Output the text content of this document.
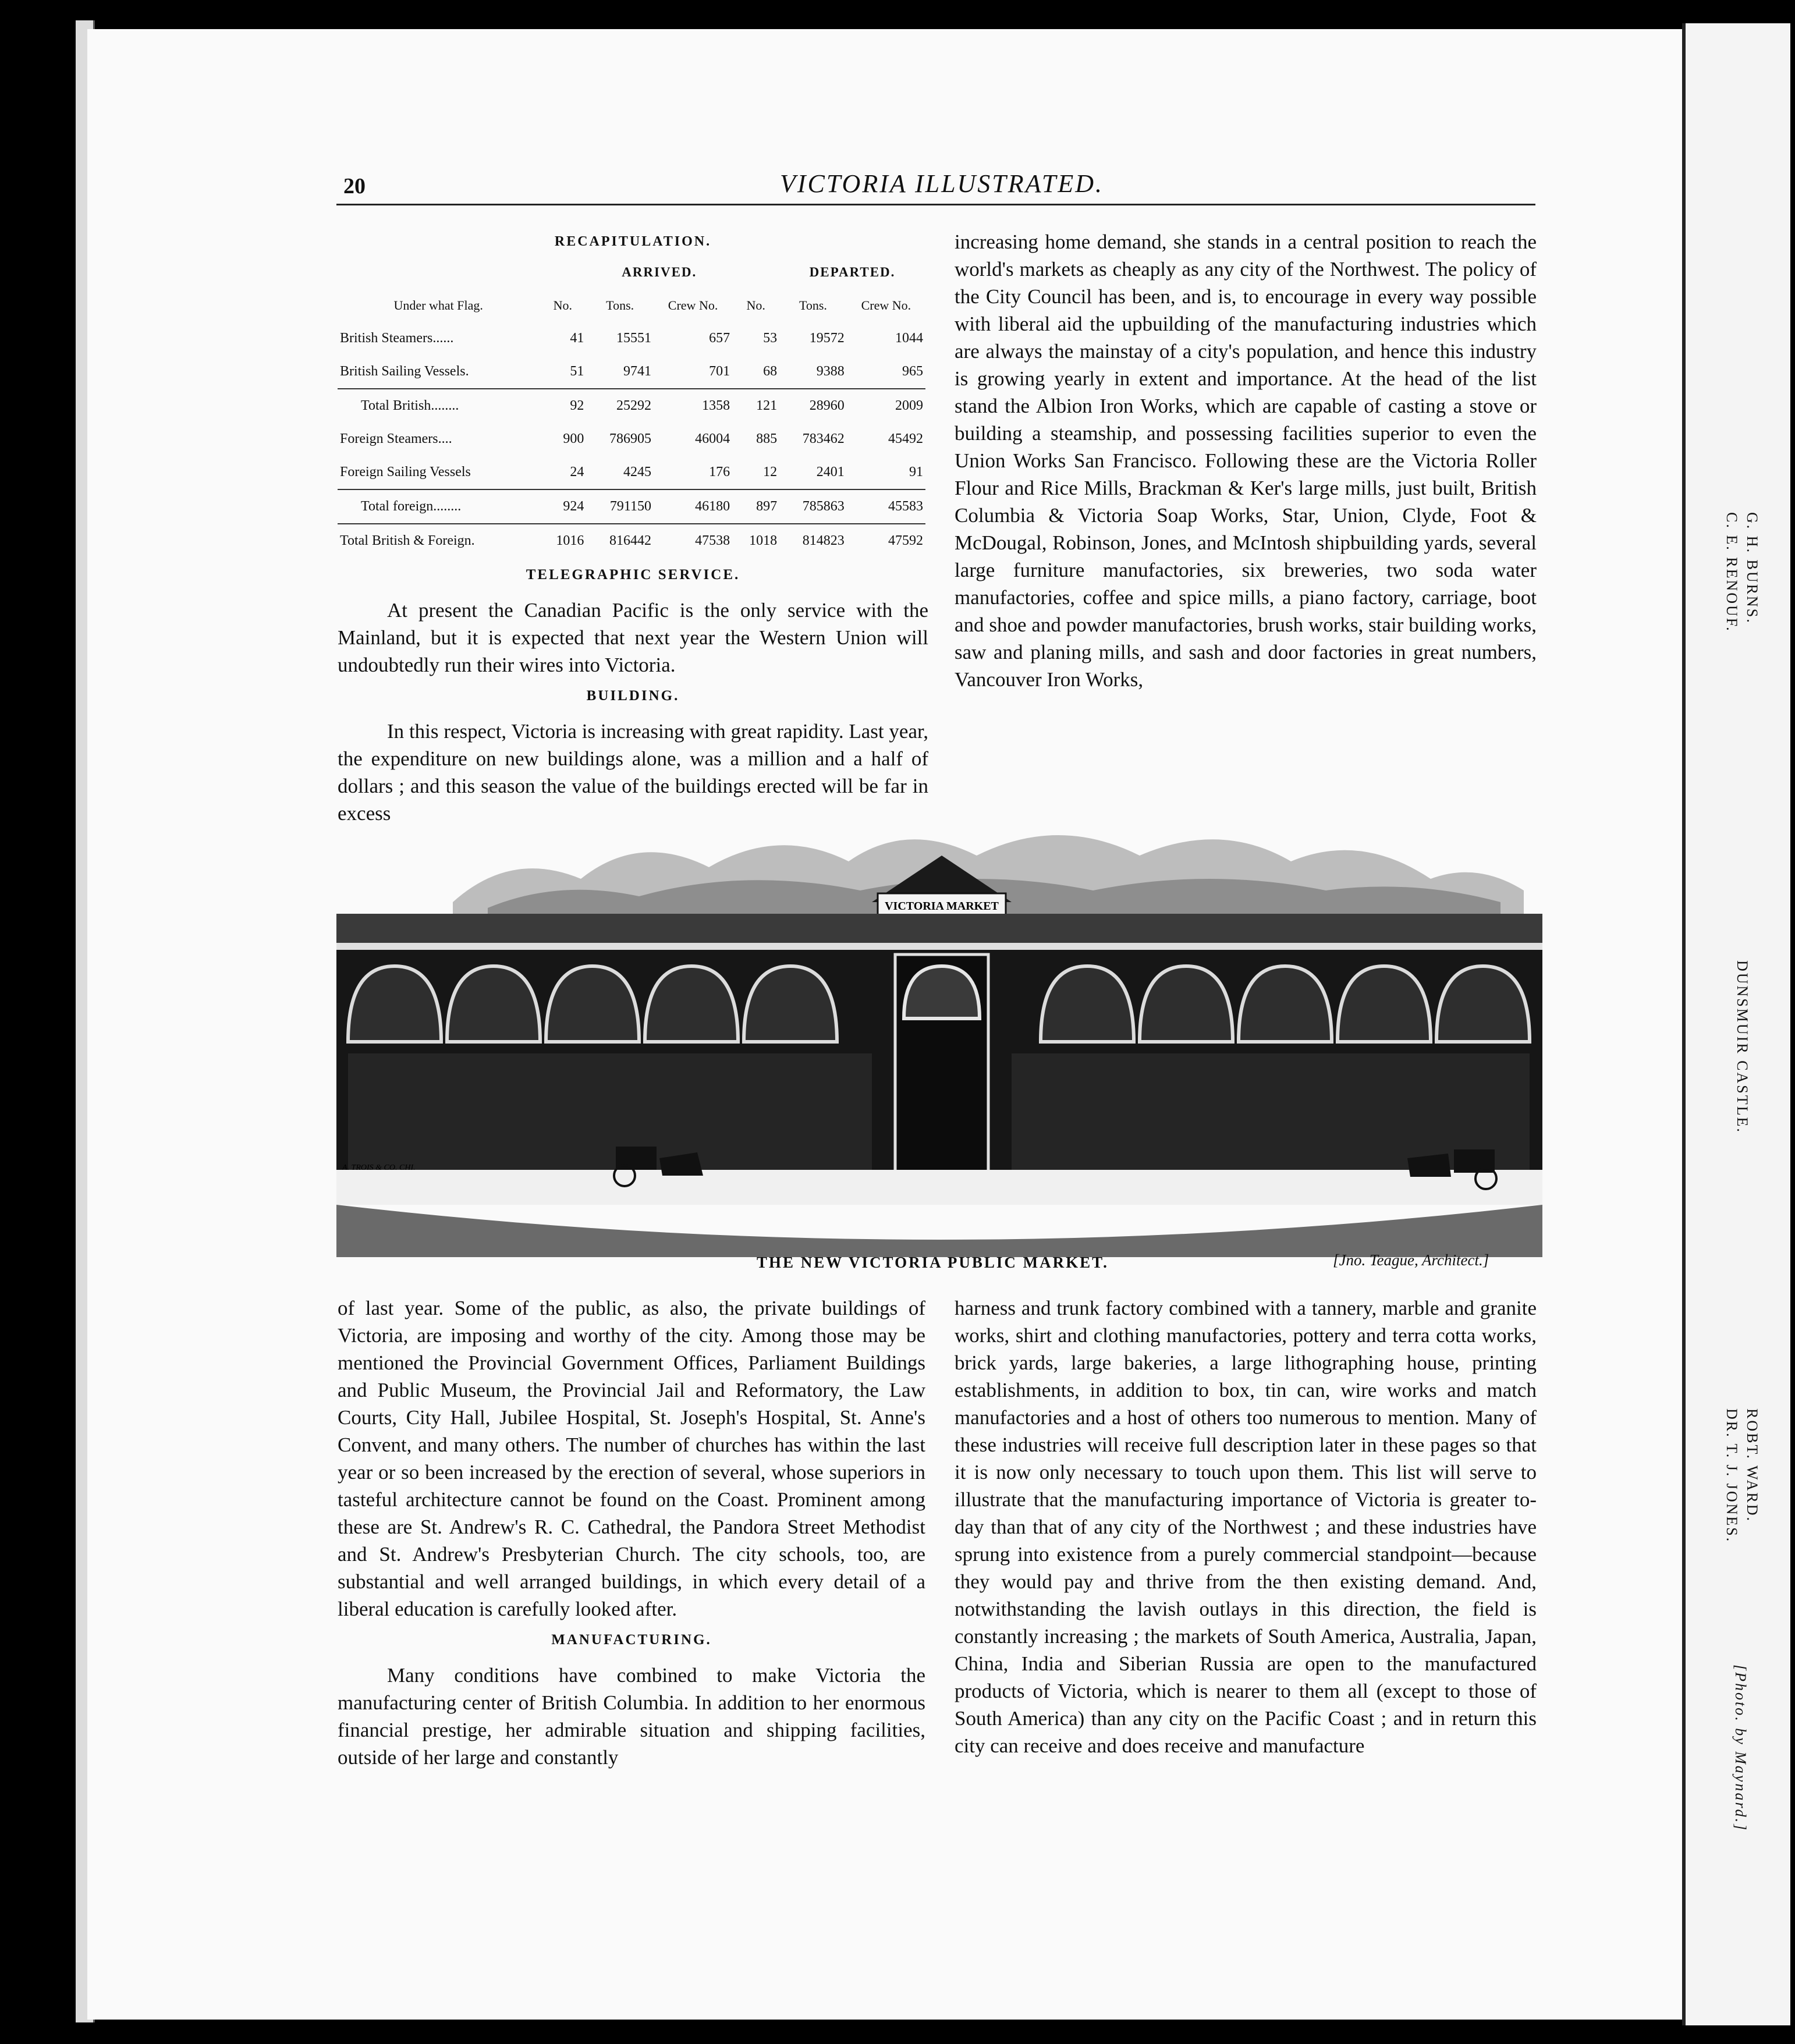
20	VICTORIA ILLUSTRATED.
RECAPITULATION.
		ARRIVED.			DEPARTED.	
Under what Flag.	No.	Tons.	Crew No.	No.	Tons.	Crew No.
British Steamers......	41	15551	657	53	19572	1044
British Sailing Vessels.	51	9741	701	68	9388	965
Total British........	92	25292	1358	121	28960	2009
Foreign Steamers....	900	786905	46004	885	783462	45492
Foreign Sailing Vessels	24	4245	176	12	2401	91
Total foreign........	924	791150	46180	897	785863	45583
Total British & Foreign.	1016	816442	47538	1018	814823	47592
TELEGRAPHIC SERVICE.

At present the Canadian Pacific is the only service with the Mainland, but it is expected that next year the Western Union will undoubtedly run their wires into Victoria.

BUILDING.

In this respect, Victoria is increasing with great rapidity. Last year, the expenditure on new buildings alone, was a million and a half of dollars ; and this season the value of the buildings erected will be far in excess

increasing home demand, she stands in a central position to reach the world's markets as cheaply as any city of the Northwest. The policy of the City Council has been, and is, to encourage in every way possible with liberal aid the upbuilding of the manufacturing industries which are always the mainstay of a city's population, and hence this industry is growing yearly in extent and importance. At the head of the list stand the Albion Iron Works, which are capable of casting a stove or building a steamship, and possessing facilities superior to even the Union Works San Francisco. Following these are the Victoria Roller Flour and Rice Mills, Brackman & Ker's large mills, just built, British Columbia & Victoria Soap Works, Star, Union, Clyde, Foot & McDougal, Robinson, Jones, and McIntosh shipbuilding yards, several large furniture manufactories, six breweries, two soda water manufactories, coffee and spice mills, a piano factory, carriage, boot and shoe and powder manufactories, brush works, stair building works, saw and planing mills, and sash and door factories in great numbers, Vancouver Iron Works,

VICTORIA MARKET
A. TROIS & CO. CHI.
THE NEW VICTORIA PUBLIC MARKET.	[Jno. Teague, Architect.]

of last year. Some of the public, as also, the private buildings of Victoria, are imposing and worthy of the city. Among those may be mentioned the Provincial Government Offices, Parliament Buildings and Public Museum, the Provincial Jail and Reformatory, the Law Courts, City Hall, Jubilee Hospital, St. Joseph's Hospital, St. Anne's Convent, and many others. The number of churches has within the last year or so been increased by the erection of several, whose superiors in tasteful architecture cannot be found on the Coast. Prominent among these are St. Andrew's R. C. Cathedral, the Pandora Street Methodist and St. Andrew's Presbyterian Church. The city schools, too, are substantial and well arranged buildings, in which every detail of a liberal education is carefully looked after.

MANUFACTURING.

Many conditions have combined to make Victoria the manufacturing center of British Columbia. In addition to her enormous financial prestige, her admirable situation and shipping facilities, outside of her large and constantly

harness and trunk factory combined with a tannery, marble and granite works, shirt and clothing manufactories, pottery and terra cotta works, brick yards, large bakeries, a large lithographing house, printing establishments, in addition to box, tin can, wire works and match manufactories and a host of others too numerous to mention. Many of these industries will receive full description later in these pages so that it is now only necessary to touch upon them. This list will serve to illustrate that the manufacturing importance of Victoria is greater to-day than that of any city of the Northwest ; and these industries have sprung into existence from a purely commercial standpoint—because they would pay and thrive from the then existing demand. And, notwithstanding the lavish outlays in this direction, the field is constantly increasing ; the markets of South America, Australia, Japan, China, India and Siberian Russia are open to the manufactured products of Victoria, which is nearer to them all (except to those of South America) than any city on the Pacific Coast ; and in return this city can receive and does receive and manufacture

C. E. RENOUF. G. H. BURNS.
DUNSMUIR CASTLE.
DR. T. J. JONES. ROBT. WARD.
[Photo. by Maynard.]
